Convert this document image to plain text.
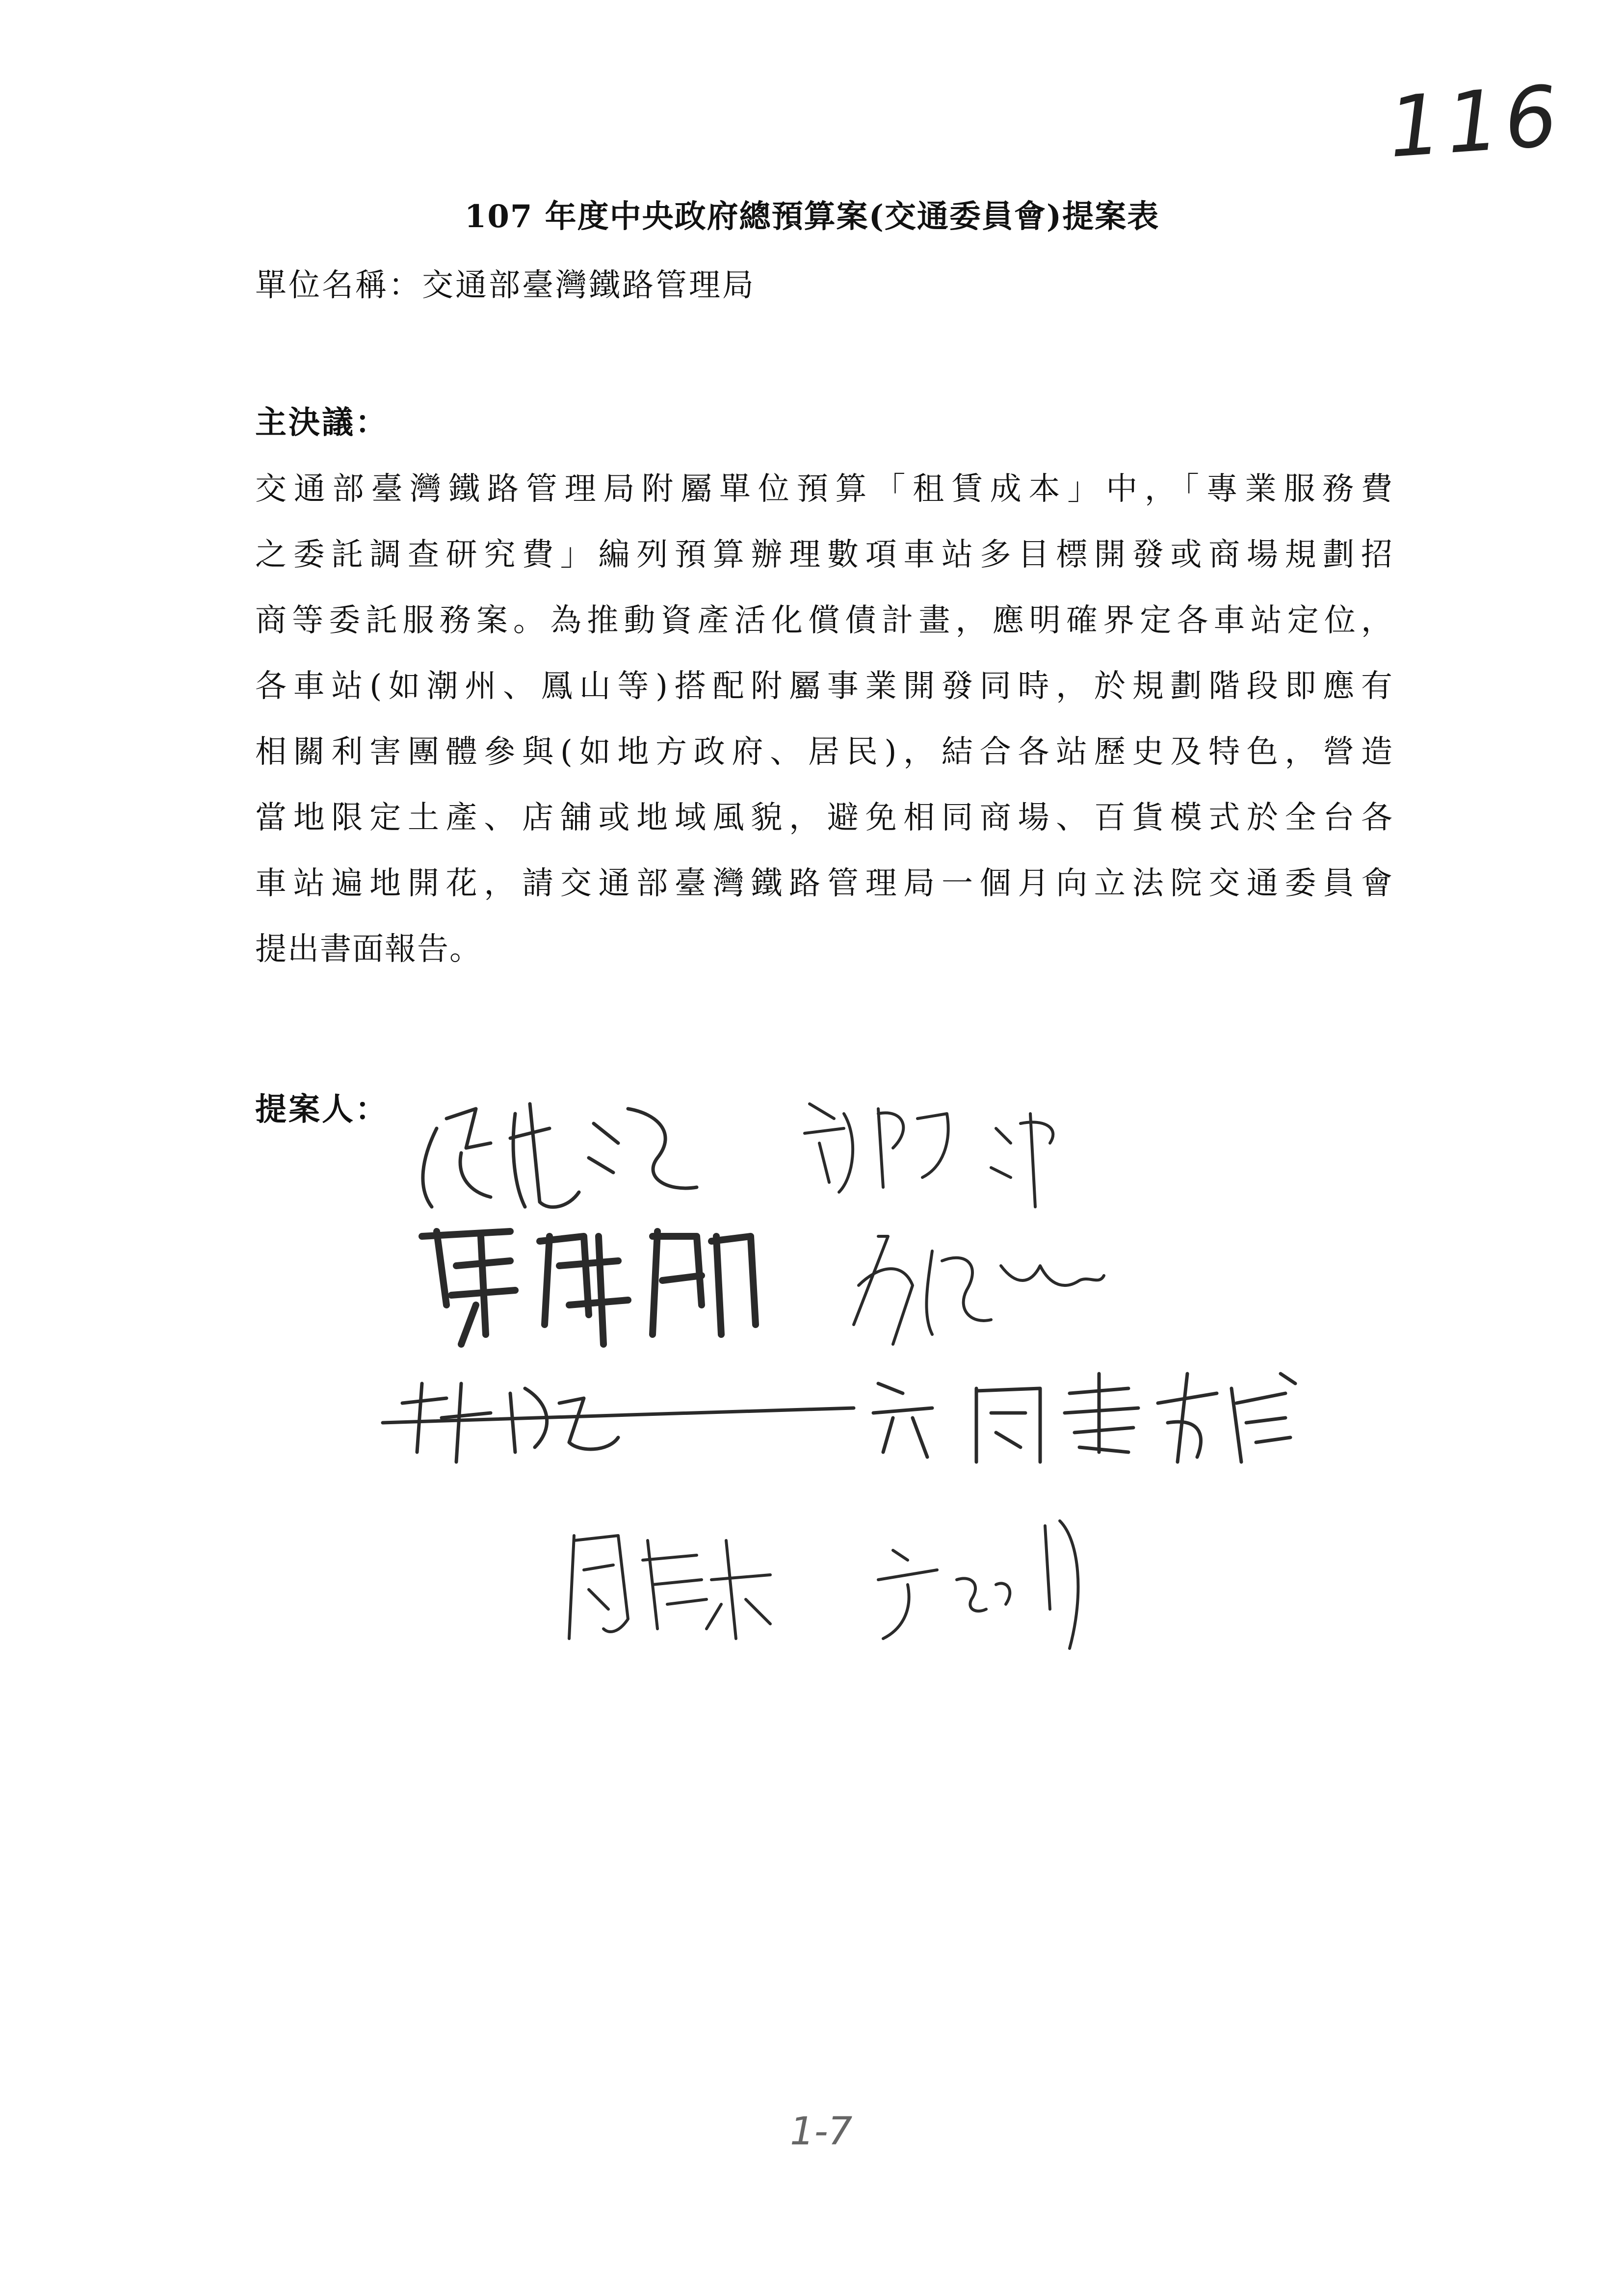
116
107 年度中央政府總預算案(交通委員會)提案表
單位名稱：交通部臺灣鐵路管理局
主決議：
交通部臺灣鐵路管理局附屬單位預算「租賃成本」中，「專業服務費
之委託調查研究費」編列預算辦理數項車站多目標開發或商場規劃招
商等委託服務案。為推動資產活化償債計畫，應明確界定各車站定位，
各車站(如潮州、鳳山等)搭配附屬事業開發同時，於規劃階段即應有
相關利害團體參與(如地方政府、居民)，結合各站歷史及特色，營造
當地限定土產、店舖或地域風貌，避免相同商場、百貨模式於全台各
車站遍地開花，請交通部臺灣鐵路管理局一個月向立法院交通委員會
提出書面報告。
提案人：
1-7
